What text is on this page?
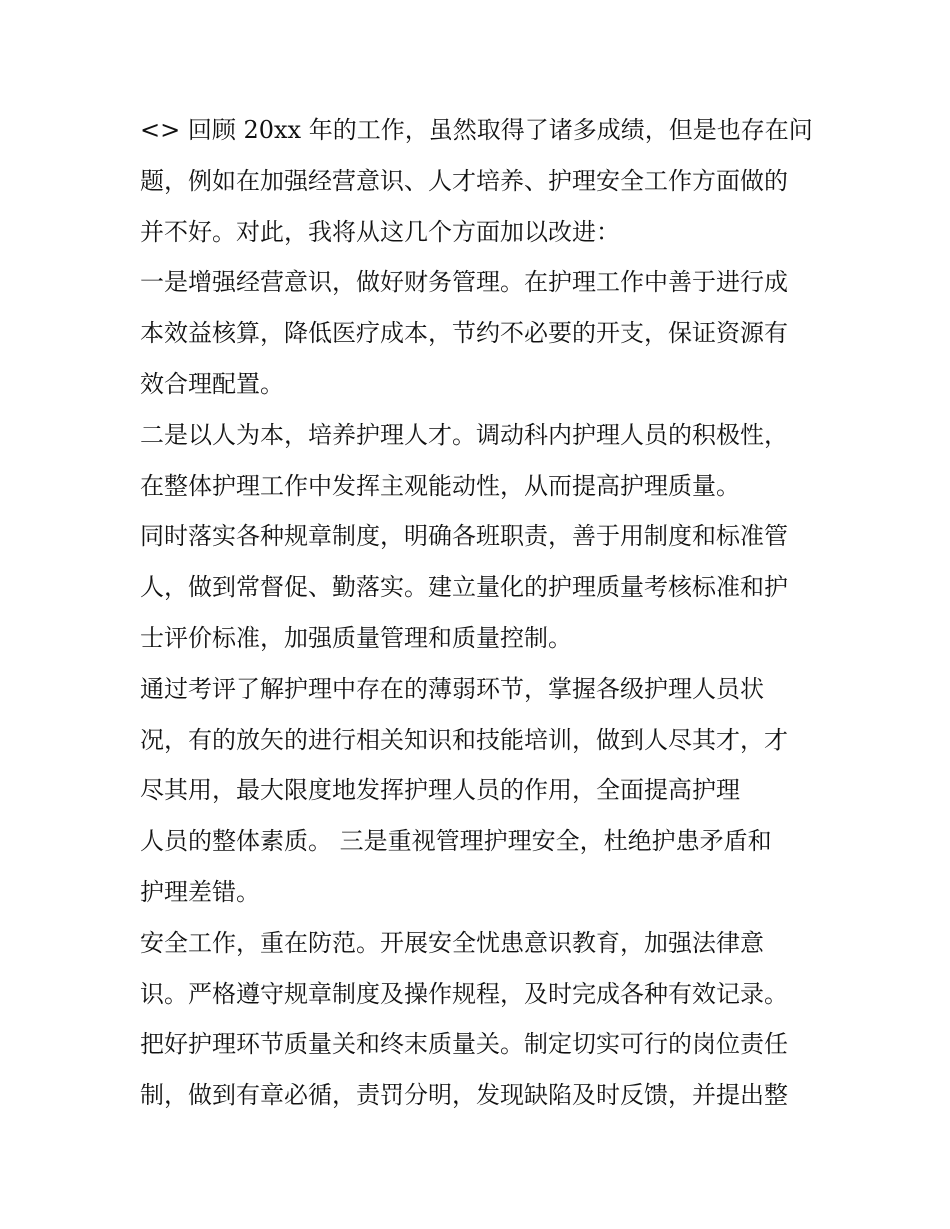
<> 回顾 20xx 年的工作，虽然取得了诸多成绩，但是也存在问
题，例如在加强经营意识、人才培养、护理安全工作方面做的
并不好。对此，我将从这几个方面加以改进：
一是增强经营意识，做好财务管理。在护理工作中善于进行成
本效益核算，降低医疗成本，节约不必要的开支，保证资源有
效合理配置。
二是以人为本，培养护理人才。调动科内护理人员的积极性，
在整体护理工作中发挥主观能动性，从而提高护理质量。
同时落实各种规章制度，明确各班职责，善于用制度和标准管
人，做到常督促、勤落实。建立量化的护理质量考核标准和护
士评价标准，加强质量管理和质量控制。
通过考评了解护理中存在的薄弱环节，掌握各级护理人员状
况，有的放矢的进行相关知识和技能培训，做到人尽其才，才
尽其用，最大限度地发挥护理人员的作用，全面提高护理
人员的整体素质。 三是重视管理护理安全，杜绝护患矛盾和
护理差错。
安全工作，重在防范。开展安全忧患意识教育，加强法律意
识。严格遵守规章制度及操作规程，及时完成各种有效记录。
把好护理环节质量关和终末质量关。制定切实可行的岗位责任
制，做到有章必循，责罚分明，发现缺陷及时反馈，并提出整
